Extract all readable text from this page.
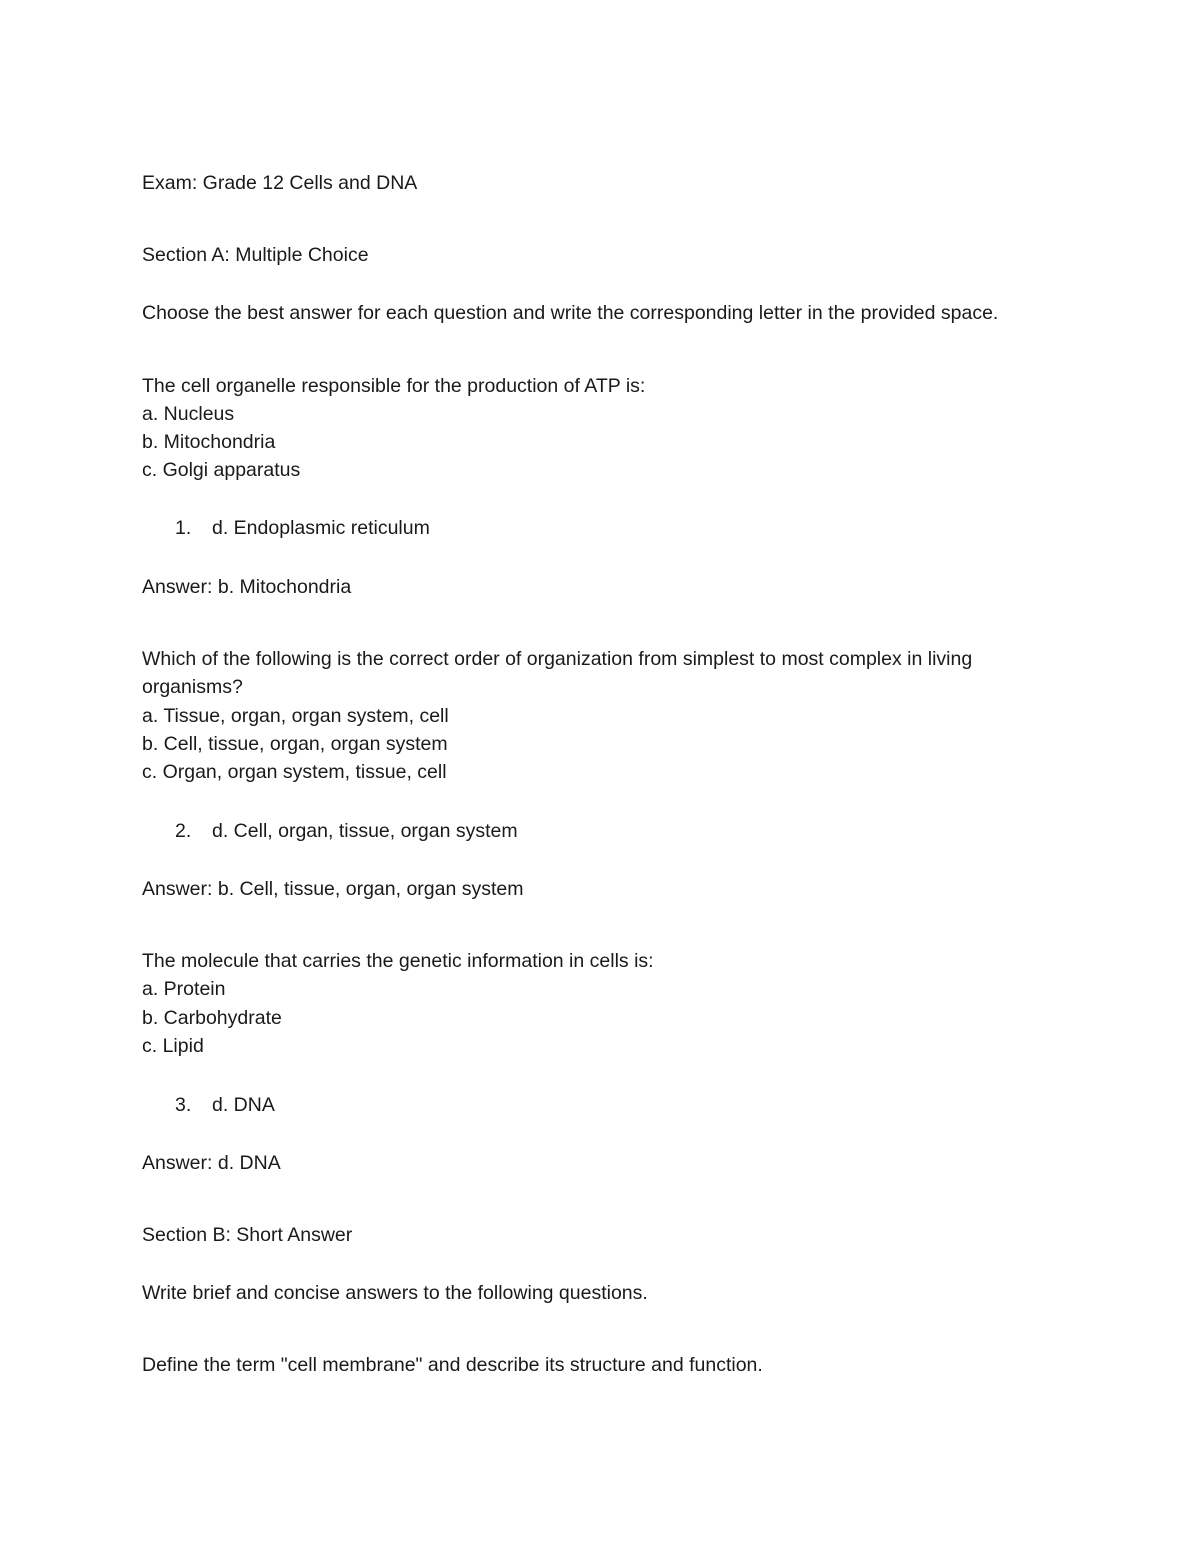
Exam: Grade 12 Cells and DNA
Section A: Multiple Choice
Choose the best answer for each question and write the corresponding letter in the provided space.
The cell organelle responsible for the production of ATP is:
a. Nucleus
b. Mitochondria
c. Golgi apparatus
1. d. Endoplasmic reticulum
Answer: b. Mitochondria
Which of the following is the correct order of organization from simplest to most complex in living
organisms?
a. Tissue, organ, organ system, cell
b. Cell, tissue, organ, organ system
c. Organ, organ system, tissue, cell
2. d. Cell, organ, tissue, organ system
Answer: b. Cell, tissue, organ, organ system
The molecule that carries the genetic information in cells is:
a. Protein
b. Carbohydrate
c. Lipid
3. d. DNA
Answer: d. DNA
Section B: Short Answer
Write brief and concise answers to the following questions.
Define the term "cell membrane" and describe its structure and function.
